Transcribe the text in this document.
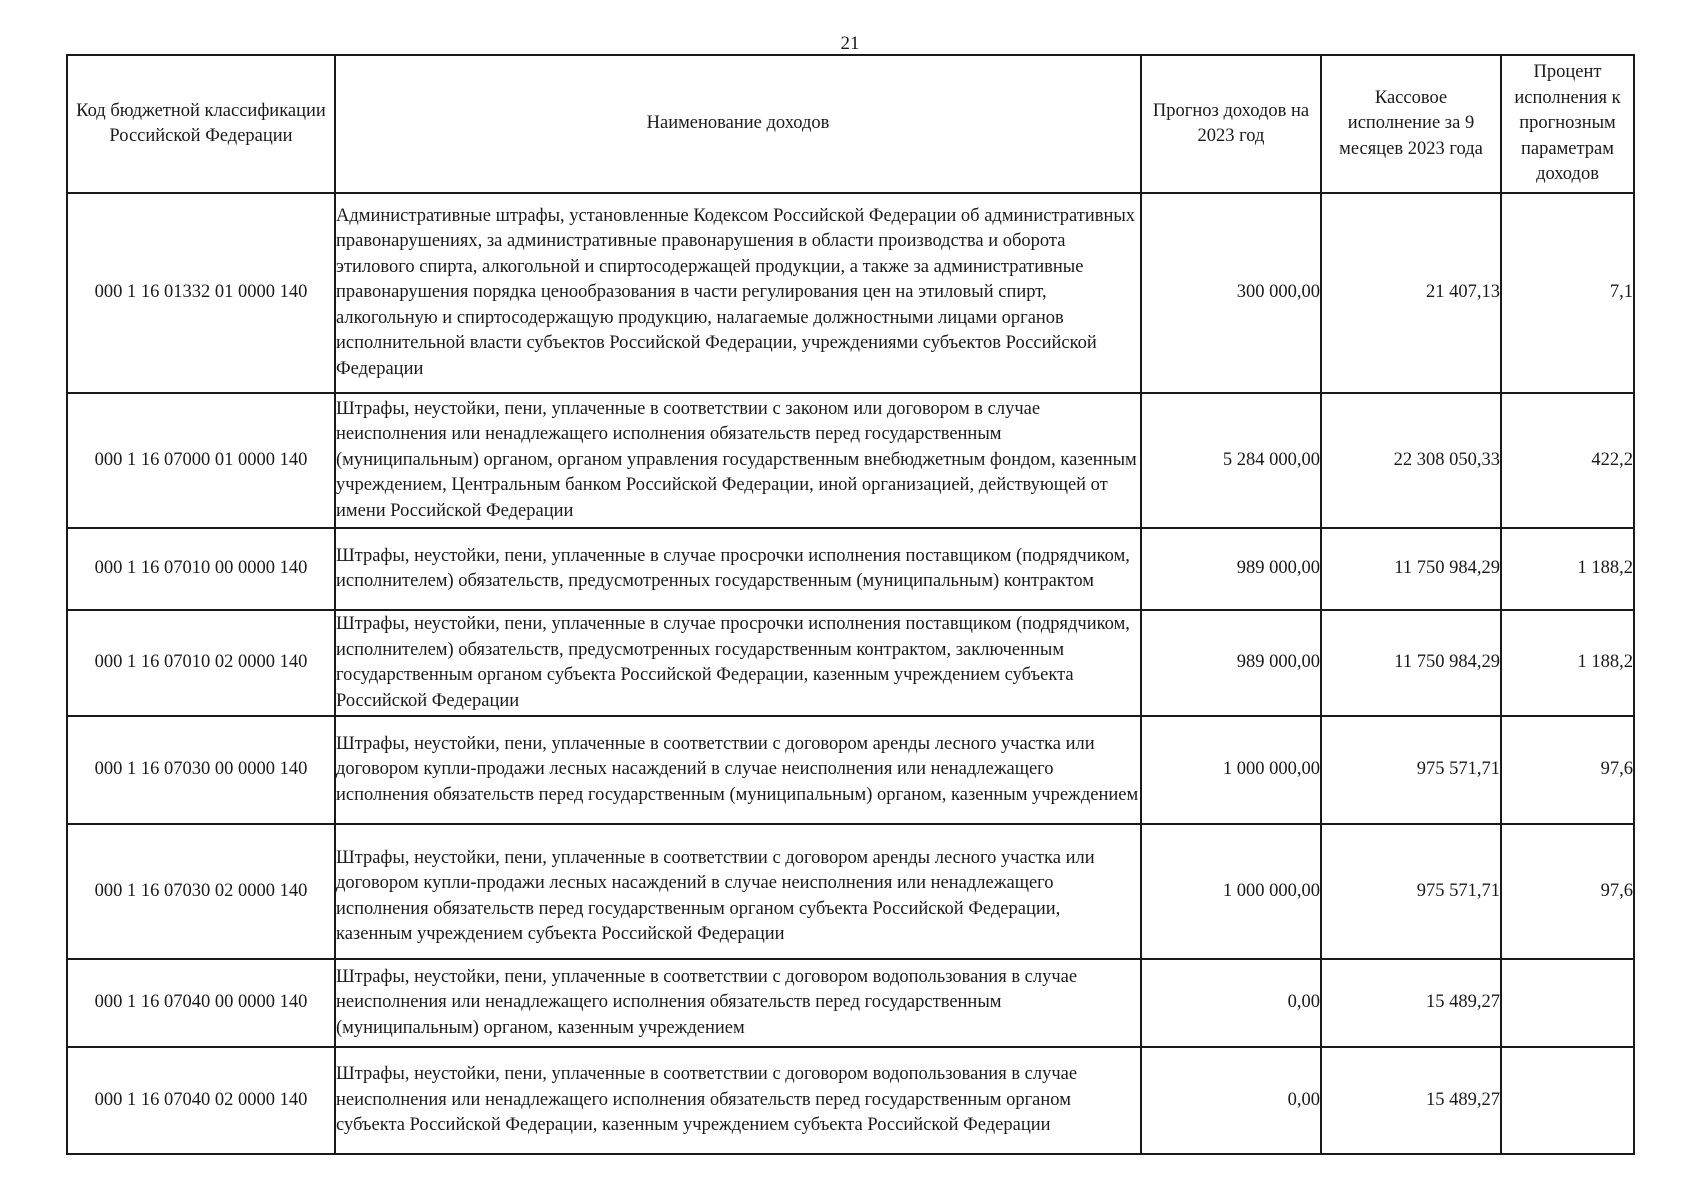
21
Код бюджетной классификации Российской Федерации	Наименование доходов	Прогноз доходов на 2023 год	Кассовое исполнение за 9 месяцев 2023 года	Процент исполнения к прогнозным параметрам доходов
000 1 16 01332 01 0000 140	Административные штрафы, установленные Кодексом Российской Федерации об административных правонарушениях, за административные правонарушения в области производства и оборота этилового спирта, алкогольной и спиртосодержащей продукции, а также за административные правонарушения порядка ценообразования в части регулирования цен на этиловый спирт, алкогольную и спиртосодержащую продукцию, налагаемые должностными лицами органов исполнительной власти субъектов Российской Федерации, учреждениями субъектов Российской Федерации	300 000,00	21 407,13	7,1
000 1 16 07000 01 0000 140	Штрафы, неустойки, пени, уплаченные в соответствии с законом или договором в случае неисполнения или ненадлежащего исполнения обязательств перед государственным (муниципальным) органом, органом управления государственным внебюджетным фондом, казенным учреждением, Центральным банком Российской Федерации, иной организацией, действующей от имени Российской Федерации	5 284 000,00	22 308 050,33	422,2
000 1 16 07010 00 0000 140	Штрафы, неустойки, пени, уплаченные в случае просрочки исполнения поставщиком (подрядчиком, исполнителем) обязательств, предусмотренных государственным (муниципальным) контрактом	989 000,00	11 750 984,29	1 188,2
000 1 16 07010 02 0000 140	Штрафы, неустойки, пени, уплаченные в случае просрочки исполнения поставщиком (подрядчиком, исполнителем) обязательств, предусмотренных государственным контрактом, заключенным государственным органом субъекта Российской Федерации, казенным учреждением субъекта Российской Федерации	989 000,00	11 750 984,29	1 188,2
000 1 16 07030 00 0000 140	Штрафы, неустойки, пени, уплаченные в соответствии с договором аренды лесного участка или договором купли-продажи лесных насаждений в случае неисполнения или ненадлежащего исполнения обязательств перед государственным (муниципальным) органом, казенным учреждением	1 000 000,00	975 571,71	97,6
000 1 16 07030 02 0000 140	Штрафы, неустойки, пени, уплаченные в соответствии с договором аренды лесного участка или договором купли-продажи лесных насаждений в случае неисполнения или ненадлежащего исполнения обязательств перед государственным органом субъекта Российской Федерации, казенным учреждением субъекта Российской Федерации	1 000 000,00	975 571,71	97,6
000 1 16 07040 00 0000 140	Штрафы, неустойки, пени, уплаченные в соответствии с договором водопользования в случае неисполнения или ненадлежащего исполнения обязательств перед государственным (муниципальным) органом, казенным учреждением	0,00	15 489,27	
000 1 16 07040 02 0000 140	Штрафы, неустойки, пени, уплаченные в соответствии с договором водопользования в случае неисполнения или ненадлежащего исполнения обязательств перед государственным органом субъекта Российской Федерации, казенным учреждением субъекта Российской Федерации	0,00	15 489,27	
